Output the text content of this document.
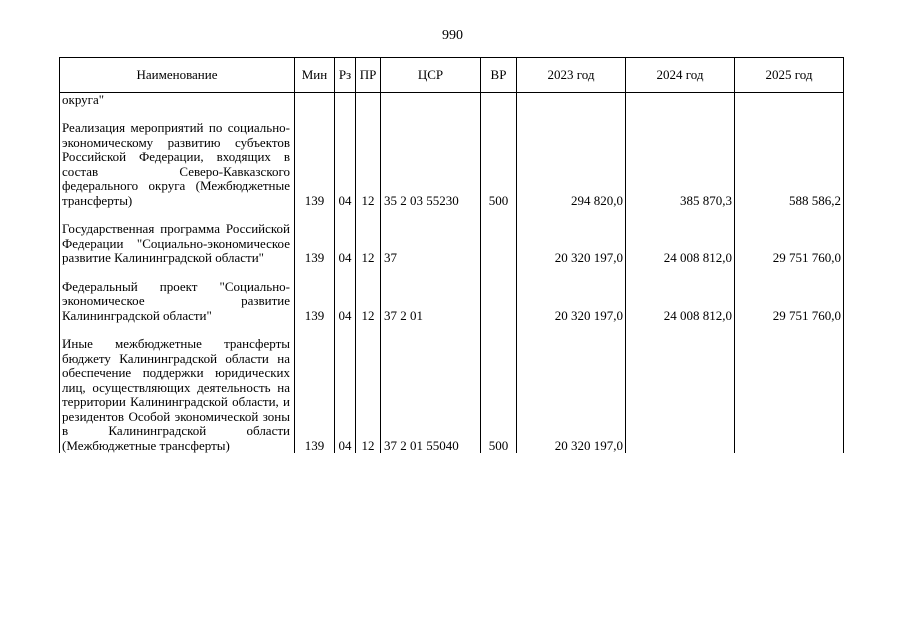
990
Наименование	Мин	Рз	ПР	ЦСР	ВР	2023 год	2024 год	2025 год
округа"								

Реализация мероприятий по социально-экономическому развитию субъектов Российской Федерации, входящих в состав Северо-Кавказского федерального округа (Межбюджетные трансферты)	139	04	12	35 2 03 55230	500	294 820,0	385 870,3	588 586,2

Государственная программа Российской Федерации "Социально-экономическое развитие Калининградской области"	139	04	12	37		20 320 197,0	24 008 812,0	29 751 760,0

Федеральный проект "Социально-экономическое развитие Калининградской области"	139	04	12	37 2 01		20 320 197,0	24 008 812,0	29 751 760,0

Иные межбюджетные трансферты бюджету Калининградской области на обеспечение поддержки юридических лиц, осуществляющих деятельность на территории Калининградской области, и резидентов Особой экономической зоны в Калининградской области (Межбюджетные трансферты)	139	04	12	37 2 01 55040	500	20 320 197,0		
